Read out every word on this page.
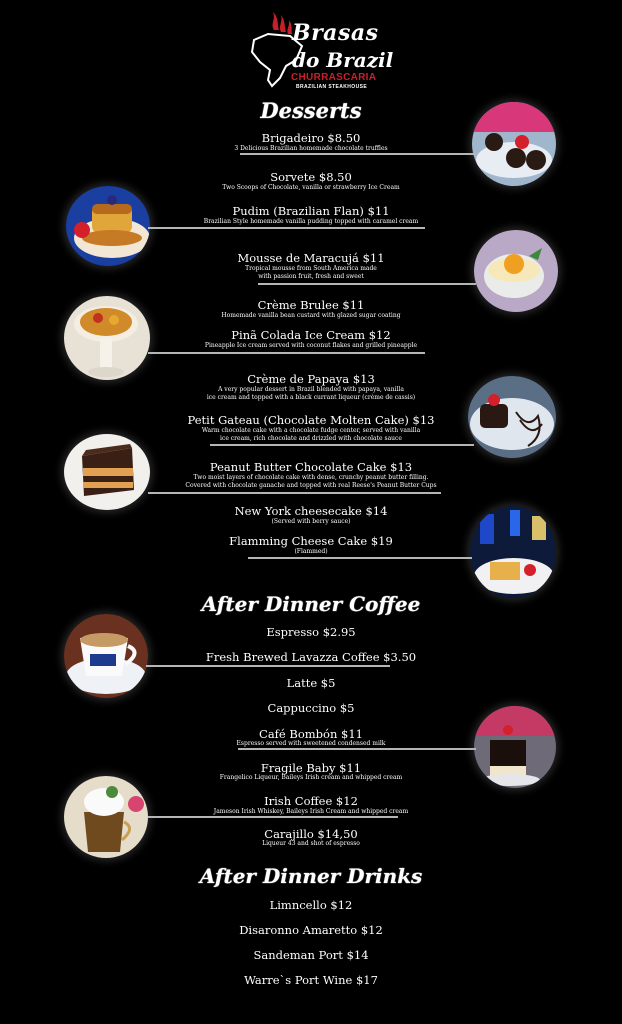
Brasas
do Brazil
CHURRASCARIA
BRAZILIAN STEAKHOUSE
Desserts
Brigadeiro $8.50
3 Delicious Brazilian homemade chocolate truffles
Sorvete $8.50
Two Scoops of Chocolate, vanilla or strawberry Ice Cream
Pudim (Brazilian Flan) $11
Brazilian Style homemade vanilla pudding topped with caramel cream
Mousse de Maracujá $11
Tropical mousse from South America made
with passion fruit, fresh and sweet
Crème Brulee $11
Homemade vanilla bean custard with glazed sugar coating
Pinã Colada Ice Cream $12
Pineapple Ice cream served with coconut flakes and grilled pineapple
Crème de Papaya $13
A very popular dessert in Brazil blended with papaya, vanilla
ice cream and topped with a black currant liqueur (crème de cassis)
Petit Gateau (Chocolate Molten Cake) $13
Warm chocolate cake with a chocolate fudge center, served with vanilla
ice cream, rich chocolate and drizzled with chocolate sauce
Peanut Butter Chocolate Cake $13
Two moist layers of chocolate cake with dense, crunchy peanut butter filling.
Covered with chocolate ganache and topped with real Reese's Peanut Butter Cups
New York cheesecake $14
(Served with berry sauce)
Flamming Cheese Cake $19
(Flammed)
After Dinner Coffee
Espresso $2.95
Fresh Brewed Lavazza Coffee $3.50
Latte $5
Cappuccino $5
Café Bombón $11
Espresso served with sweetened condensed milk
Fragile Baby $11
Frangelico Liqueur, Baileys Irish cream and whipped cream
Irish Coffee $12
Jameson Irish Whiskey, Baileys Irish Cream and whipped cream
Carajillo $14,50
Liqueur 43 and shot of espresso
After Dinner Drinks
Limncello $12
Disaronno Amaretto $12
Sandeman Port $14
Warre`s Port Wine $17
